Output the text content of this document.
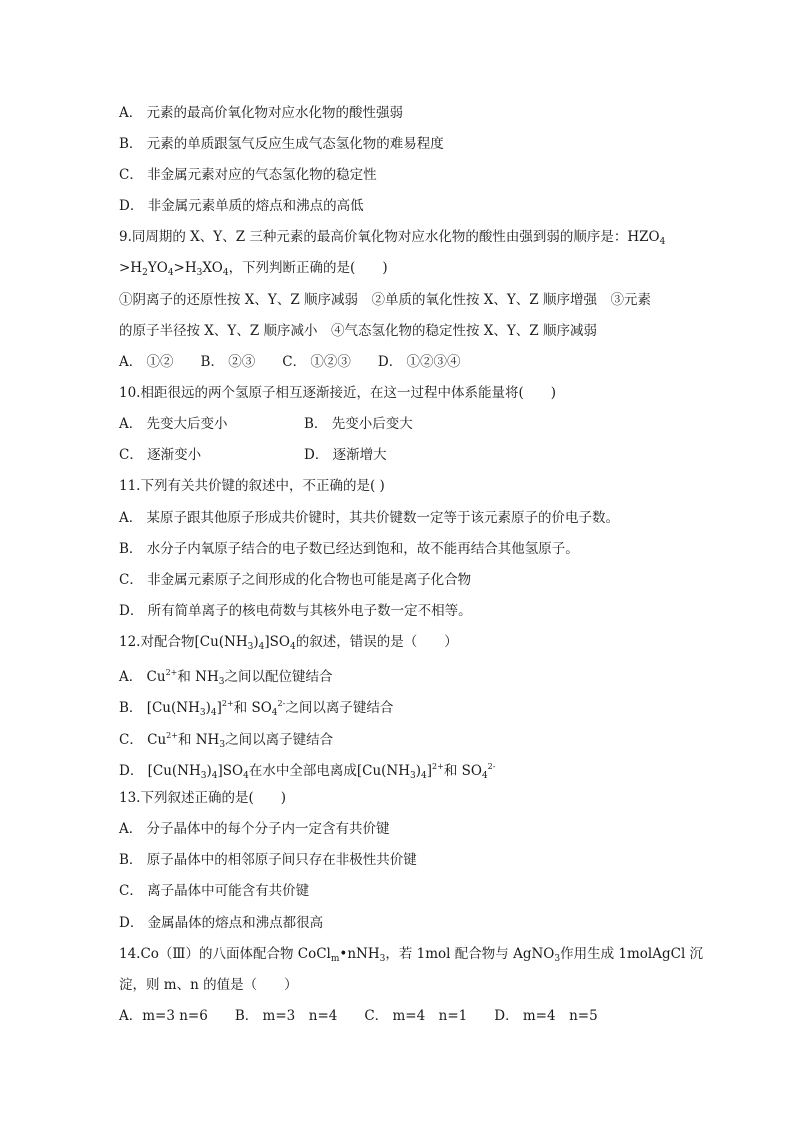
A． 元素的最高价氧化物对应水化物的酸性强弱
B． 元素的单质跟氢气反应生成气态氢化物的难易程度
C． 非金属元素对应的气态氢化物的稳定性
D． 非金属元素单质的熔点和沸点的高低
9.同周期的 X、Y、Z 三种元素的最高价氧化物对应水化物的酸性由强到弱的顺序是：$HZO_4$
$>H_2YO_4>H_3XO_4$，下列判断正确的是(　　)
①阴离子的还原性按 X、Y、Z 顺序减弱　②单质的氧化性按 X、Y、Z 顺序增强　③元素
的原子半径按 X、Y、Z 顺序减小　④气态氢化物的稳定性按 X、Y、Z 顺序减弱
A． ①②　　B． ②③　　C． ①②③　　D． ①②③④
10.相距很远的两个氢原子相互逐渐接近，在这一过程中体系能量将(　　)
A． 先变大后变小	B． 先变小后变大
C． 逐渐变小	D． 逐渐增大
11.下列有关共价键的叙述中，不正确的是( )
A． 某原子跟其他原子形成共价键时，其共价键数一定等于该元素原子的价电子数。
B． 水分子内氧原子结合的电子数已经达到饱和，故不能再结合其他氢原子。
C． 非金属元素原子之间形成的化合物也可能是离子化合物
D． 所有简单离子的核电荷数与其核外电子数一定不相等。
12.对配合物$[Cu(NH_3)_4]SO_4$的叙述，错误的是（　　）
A． $Cu^{2+}$和 $NH_3$之间以配位键结合
B． $[Cu(NH_3)_4]^{2+}$和 $SO_4^{2-}$之间以离子键结合
C． $Cu^{2+}$和 $NH_3$之间以离子键结合
D． $[Cu(NH_3)_4]SO_4$在水中全部电离成$[Cu(NH_3)_4]^{2+}$和 $SO_4^{2-}$
13.下列叙述正确的是(　　)
A． 分子晶体中的每个分子内一定含有共价键
B． 原子晶体中的相邻原子间只存在非极性共价键
C． 离子晶体中可能含有共价键
D． 金属晶体的熔点和沸点都很高
14.Co（Ⅲ）的八面体配合物 CoCl$_m$•nNH$_3$，若 1mol 配合物与 AgNO$_3$作用生成 1molAgCl 沉
淀，则 m、n 的值是（　　）
A．m=3 n=6　　B． m=3　n=4　　C． m=4　n=1　　D． m=4　n=5
